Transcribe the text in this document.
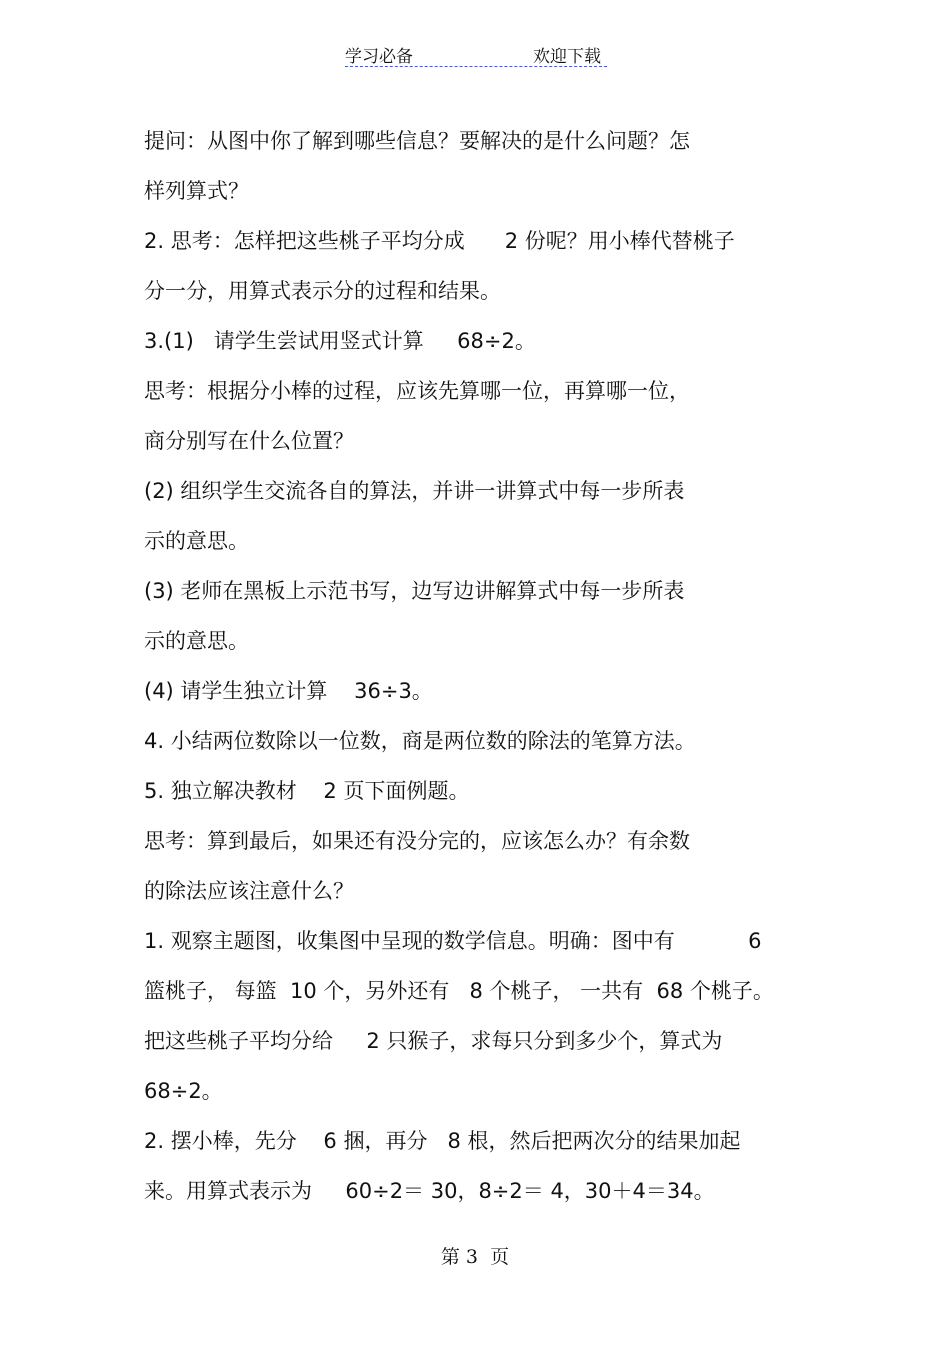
学习必备	欢迎下载
提问：从图中你了解到哪些信息？要解决的是什么问题？怎
样列算式？
2. 思考：怎样把这些桃子平均分成      2 份呢？用小棒代替桃子
分一分，用算式表示分的过程和结果。
3.(1)   请学生尝试用竖式计算     68÷2。
思考：根据分小棒的过程，应该先算哪一位，再算哪一位，
商分别写在什么位置？
(2) 组织学生交流各自的算法，并讲一讲算式中每一步所表
示的意思。
(3) 老师在黑板上示范书写，边写边讲解算式中每一步所表
示的意思。
(4) 请学生独立计算    36÷3。
4. 小结两位数除以一位数，商是两位数的除法的笔算方法。
5. 独立解决教材    2 页下面例题。
思考：算到最后，如果还有没分完的，应该怎么办？有余数
的除法应该注意什么？
1. 观察主题图，收集图中呈现的数学信息。明确：图中有           6
篮桃子， 每篮  10 个，另外还有   8 个桃子， 一共有  68 个桃子。
把这些桃子平均分给     2 只猴子，求每只分到多少个，算式为
68÷2。
2. 摆小棒，先分    6 捆，再分   8 根，然后把两次分的结果加起
来。用算式表示为     60÷2＝ 30，8÷2＝ 4，30＋4＝34。
第 3  页
